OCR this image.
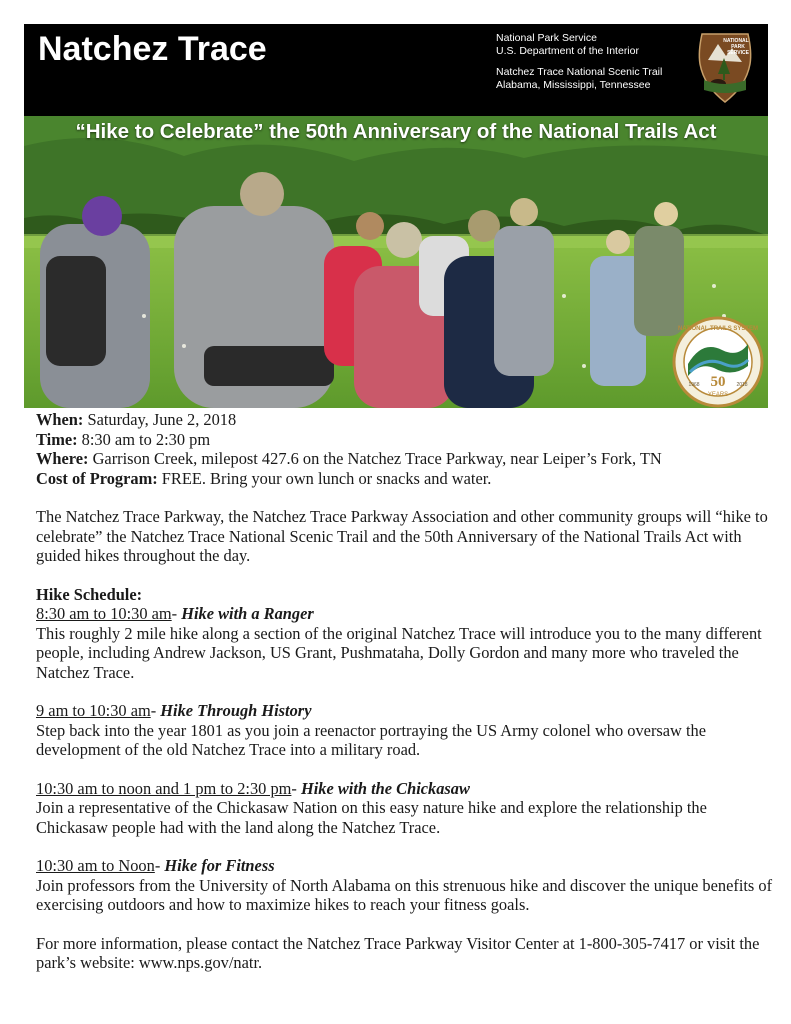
Natchez Trace	National Park Service
U.S. Department of the Interior
Natchez Trace National Scenic Trail
Alabama, Mississippi, Tennessee
NATIONAL
PARK
SERVICE
“Hike to Celebrate” the 50th Anniversary of the National Trails Act
50
YEARS
1968	2018
NATIONAL TRAILS SYSTEM

When: Saturday, June 2, 2018

Time: 8:30 am to 2:30 pm

Where: Garrison Creek, milepost 427.6 on the Natchez Trace Parkway, near Leiper’s Fork, TN

Cost of Program: FREE. Bring your own lunch or snacks and water.

The Natchez Trace Parkway, the Natchez Trace Parkway Association and other community groups will “hike to celebrate” the Natchez Trace National Scenic Trail and the 50th Anniversary of the National Trails Act with guided hikes throughout the day.

Hike Schedule:

8:30 am to 10:30 am- Hike with a Ranger

This roughly 2 mile hike along a section of the original Natchez Trace will introduce you to the many different people, including Andrew Jackson, US Grant, Pushmataha, Dolly Gordon and many more who traveled the Natchez Trace.

9 am to 10:30 am- Hike Through History

Step back into the year 1801 as you join a reenactor portraying the US Army colonel who oversaw the development of the old Natchez Trace into a military road.

10:30 am to noon and 1 pm to 2:30 pm- Hike with the Chickasaw

Join a representative of the Chickasaw Nation on this easy nature hike and explore the relationship the Chickasaw people had with the land along the Natchez Trace.

10:30 am to Noon- Hike for Fitness

Join professors from the University of North Alabama on this strenuous hike and discover the unique benefits of exercising outdoors and how to maximize hikes to reach your fitness goals.

For more information, please contact the Natchez Trace Parkway Visitor Center at 1-800-305-7417 or visit the park’s website: www.nps.gov/natr.
